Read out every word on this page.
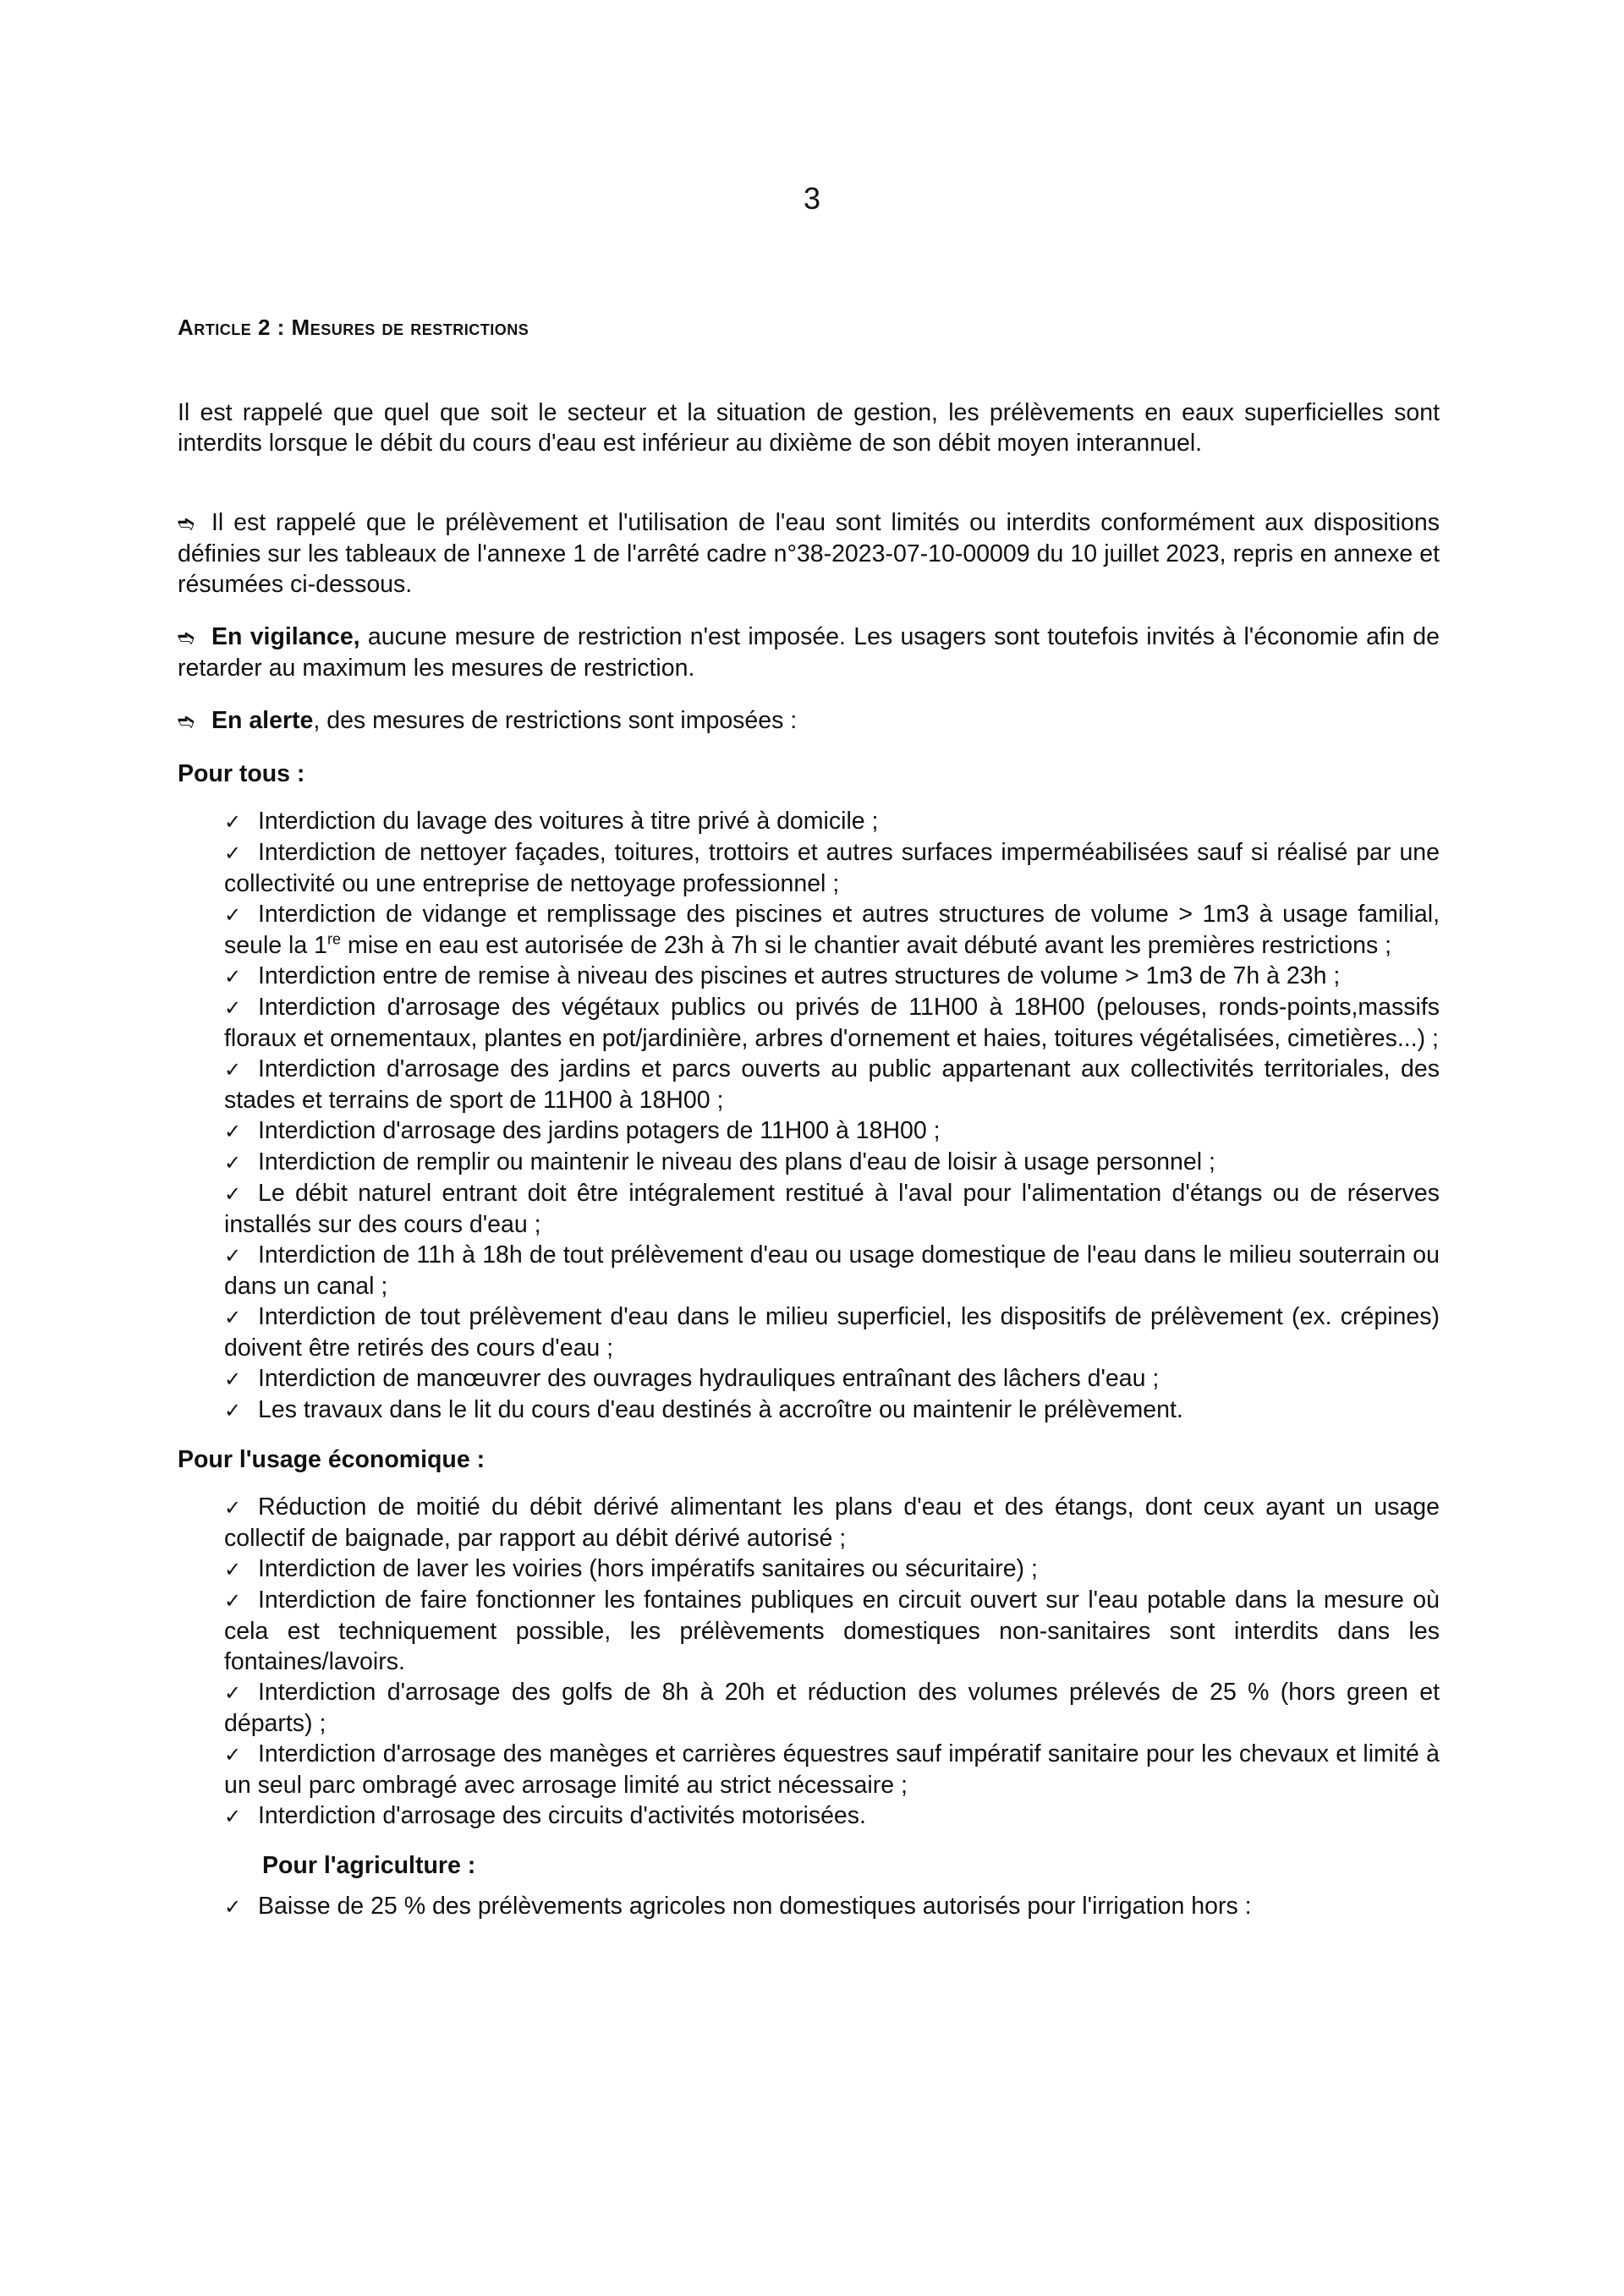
3
Article 2 : Mesures de restrictions

Il est rappelé que quel que soit le secteur et la situation de gestion, les prélèvements en eaux superficielles sont interdits lorsque le débit du cours d'eau est inférieur au dixième de son débit moyen interannuel.

➬ Il est rappelé que le prélèvement et l'utilisation de l'eau sont limités ou interdits conformément aux dispositions définies sur les tableaux de l'annexe 1 de l'arrêté cadre n°38-2023-07-10-00009 du 10 juillet 2023, repris en annexe et résumées ci-dessous.

➬ En vigilance, aucune mesure de restriction n'est imposée. Les usagers sont toutefois invités à l'économie afin de retarder au maximum les mesures de restriction.

➬ En alerte, des mesures de restrictions sont imposées :

Pour tous :
✓ Interdiction du lavage des voitures à titre privé à domicile ;
✓ Interdiction de nettoyer façades, toitures, trottoirs et autres surfaces imperméabilisées sauf si réalisé par une collectivité ou une entreprise de nettoyage professionnel ;
✓ Interdiction de vidange et remplissage des piscines et autres structures de volume > 1m3 à usage familial, seule la 1re mise en eau est autorisée de 23h à 7h si le chantier avait débuté avant les premières restrictions ;
✓ Interdiction entre de remise à niveau des piscines et autres structures de volume > 1m3 de 7h à 23h ;
✓ Interdiction d'arrosage des végétaux publics ou privés de 11H00 à 18H00 (pelouses, ronds-points,massifs floraux et ornementaux, plantes en pot/jardinière, arbres d'ornement et haies, toitures végétalisées, cimetières...) ;
✓ Interdiction d'arrosage des jardins et parcs ouverts au public appartenant aux collectivités territoriales, des stades et terrains de sport de 11H00 à 18H00 ;
✓ Interdiction d'arrosage des jardins potagers de 11H00 à 18H00 ;
✓ Interdiction de remplir ou maintenir le niveau des plans d'eau de loisir à usage personnel ;
✓ Le débit naturel entrant doit être intégralement restitué à l'aval pour l'alimentation d'étangs ou de réserves installés sur des cours d'eau ;
✓ Interdiction de 11h à 18h de tout prélèvement d'eau ou usage domestique de l'eau dans le milieu souterrain ou dans un canal ;
✓ Interdiction de tout prélèvement d'eau dans le milieu superficiel, les dispositifs de prélèvement (ex. crépines) doivent être retirés des cours d'eau ;
✓ Interdiction de manœuvrer des ouvrages hydrauliques entraînant des lâchers d'eau ;
✓ Les travaux dans le lit du cours d'eau destinés à accroître ou maintenir le prélèvement.
Pour l'usage économique :
✓ Réduction de moitié du débit dérivé alimentant les plans d'eau et des étangs, dont ceux ayant un usage collectif de baignade, par rapport au débit dérivé autorisé ;
✓ Interdiction de laver les voiries (hors impératifs sanitaires ou sécuritaire) ;
✓ Interdiction de faire fonctionner les fontaines publiques en circuit ouvert sur l'eau potable dans la mesure où cela est techniquement possible, les prélèvements domestiques non-sanitaires sont interdits dans les fontaines/lavoirs.
✓ Interdiction d'arrosage des golfs de 8h à 20h et réduction des volumes prélevés de 25 % (hors green et départs) ;
✓ Interdiction d'arrosage des manèges et carrières équestres sauf impératif sanitaire pour les chevaux et limité à un seul parc ombragé avec arrosage limité au strict nécessaire ;
✓ Interdiction d'arrosage des circuits d'activités motorisées.
Pour l'agriculture :
✓ Baisse de 25 % des prélèvements agricoles non domestiques autorisés pour l'irrigation hors :
